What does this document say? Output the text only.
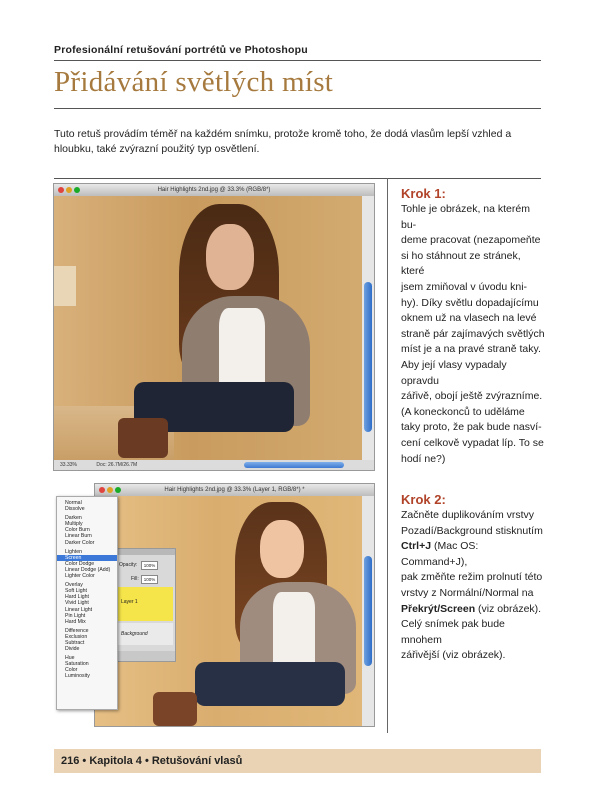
Profesionální retušování portrétů ve Photoshopu
Přidávání světlých míst
Tuto retuš provádím téměř na každém snímku, protože kromě toho, že dodá vlasům lepší vzhled a hloubku, také zvýrazní použitý typ osvětlení.
Hair Highlights 2nd.jpg @ 33.3% (RGB/8*)
33.33%	Doc: 26.7M/26.7M
Krok 1:
Tohle je obrázek, na kterém bu-
deme pracovat (nezapomeňte
si ho stáhnout ze stránek, které
jsem zmiňoval v úvodu kni-
hy). Díky světlu dopadajícímu
oknem už na vlasech na levé
straně pár zajímavých světlých
míst je a na pravé straně taky.
Aby její vlasy vypadaly opravdu
zářivě, obojí ještě zvýrazníme.
(A koneckonců to uděláme
taky proto, že pak bude nasví-
cení celkově vypadat líp. To se
hodí ne?)
Hair Highlights 2nd.jpg @ 33.3% (Layer 1, RGB/8*) *
Opacity:	100%
Fill:	100%
Layer 1
Background
Normal
Dissolve
Darken
Multiply
Color Burn
Linear Burn
Darker Color
Lighten
Screen
Color Dodge
Linear Dodge (Add)
Lighter Color
Overlay
Soft Light
Hard Light
Vivid Light
Linear Light
Pin Light
Hard Mix
Difference
Exclusion
Subtract
Divide
Hue
Saturation
Color
Luminosity
Krok 2:
Začněte duplikováním vrstvy
Pozadí/Background stisknutím
Ctrl+J (Mac OS: Command+J),
pak změňte režim prolnutí této
vrstvy z Normální/Normal na
Překrýt/Screen (viz obrázek).
Celý snímek pak bude mnohem
zářivější (viz obrázek).
216 • Kapitola 4 • Retušování vlasů
